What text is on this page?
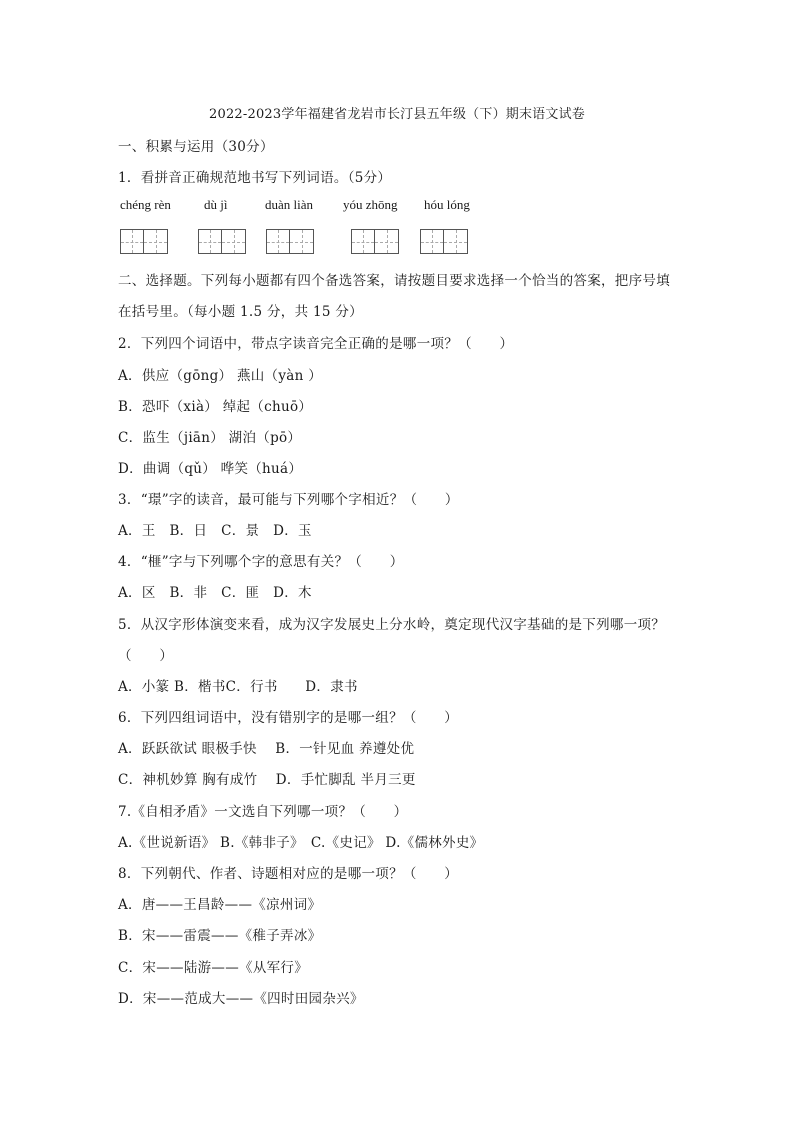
2022-2023学年福建省龙岩市长汀县五年级（下）期末语文试卷
一、积累与运用（30分）
1．看拼音正确规范地书写下列词语。（5分）
chéng rèn	dù jì	duàn liàn yóu zhōng hóu lóng
二、选择题。下列每小题都有四个备选答案，请按题目要求选择一个恰当的答案，把序号填
在括号里。（每小题 1.5 分，共 15 分）
2．下列四个词语中，带点字读音完全正确的是哪一项？（　　）
A．供应（gōng） 燕山（yàn ）
B．恐吓（xià） 绰起（chuō）
C．监生（jiān） 湖泊（pō）
D．曲调（qǔ） 哗笑（huá）
3．“璟”字的读音，最可能与下列哪个字相近？（　　）
A．王　B．日　C．景　D．玉
4．“榧”字与下列哪个字的意思有关？（　　）
A．区　B．非　C．匪　D．木
5．从汉字形体演变来看，成为汉字发展史上分水岭，奠定现代汉字基础的是下列哪一项？
（　　）
A．小篆 B．楷书C．行书　　D．隶书
6．下列四组词语中，没有错别字的是哪一组？（　　）
A．跃跃欲试 眼极手快　 B．一针见血 养遵处优
C．神机妙算 胸有成竹　 D．手忙脚乱 半月三更
7.《自相矛盾》一文选自下列哪一项？（　　）
A.《世说新语》 B.《韩非子》　C.《史记》 D.《儒林外史》
8．下列朝代、作者、诗题相对应的是哪一项？（　　）
A．唐——王昌龄——《凉州词》
B．宋——雷震——《稚子弄冰》
C．宋——陆游——《从军行》
D．宋——范成大——《四时田园杂兴》
